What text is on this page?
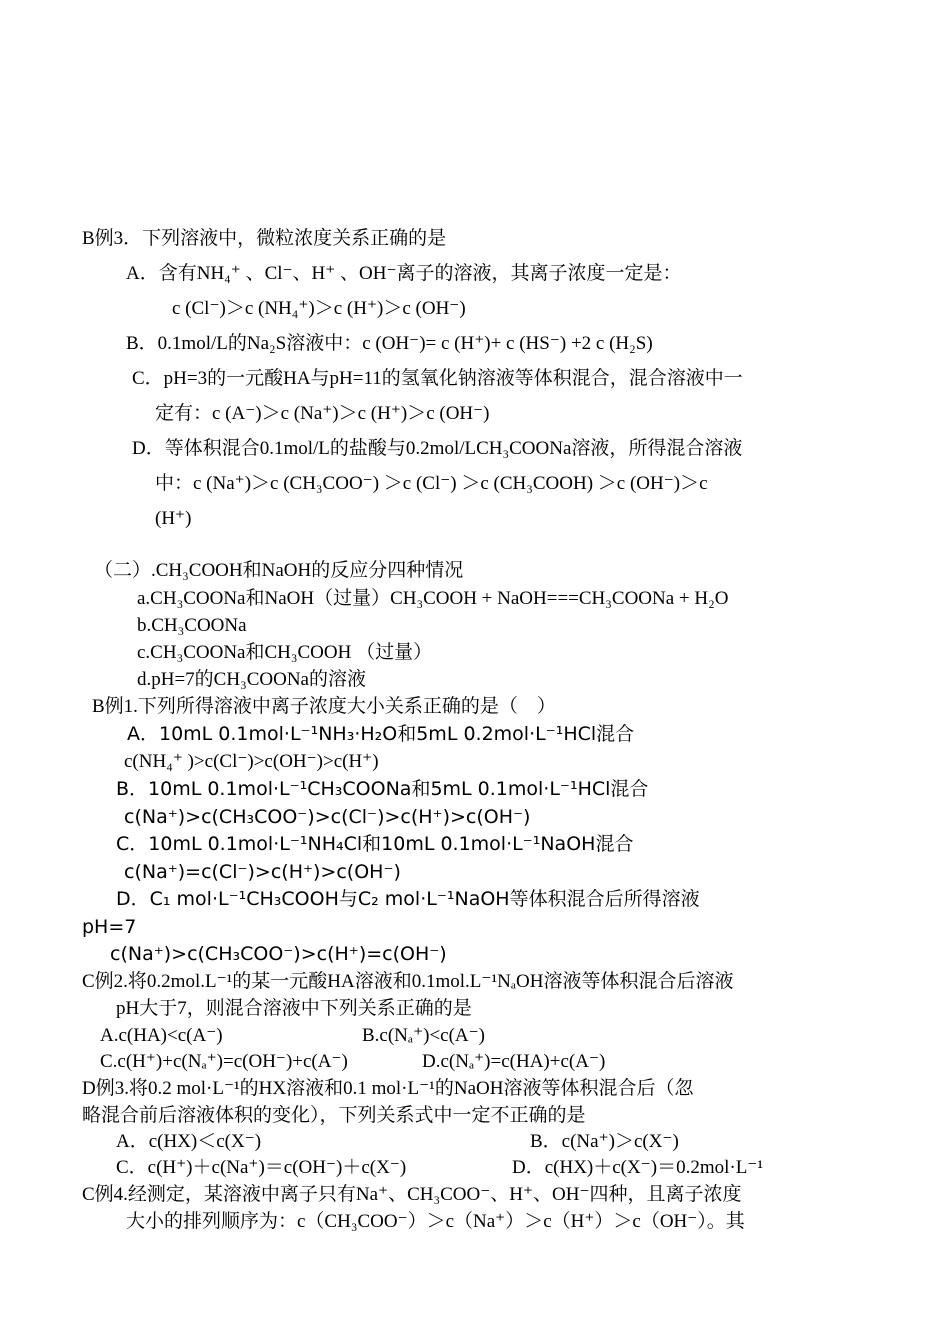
B例3．下列溶液中，微粒浓度关系正确的是
A．含有NH₄⁺ 、Cl⁻、H⁺ 、OH⁻离子的溶液，其离子浓度一定是：
c (Cl⁻)＞c (NH₄⁺)＞c (H⁺)＞c (OH⁻)
B．0.1mol/L的Na₂S溶液中：c (OH⁻)= c (H⁺)+ c (HS⁻) +2 c (H₂S)
C．pH=3的一元酸HA与pH=11的氢氧化钠溶液等体积混合，混合溶液中一
定有：c (A⁻)＞c (Na⁺)＞c (H⁺)＞c (OH⁻)
D．等体积混合0.1mol/L的盐酸与0.2mol/LCH₃COONa溶液，所得混合溶液
中：c (Na⁺)＞c (CH₃COO⁻) ＞c (Cl⁻) ＞c (CH₃COOH) ＞c (OH⁻)＞c
(H⁺)
（二）.CH₃COOH和NaOH的反应分四种情况
a.CH₃COONa和NaOH（过量）CH₃COOH + NaOH===CH₃COONa + H₂O
b.CH₃COONa
c.CH₃COONa和CH₃COOH （过量）
d.pH=7的CH₃COONa的溶液
B例1.下列所得溶液中离子浓度大小关系正确的是（　）
A．10mL 0.1mol·L⁻¹NH₃·H₂O和5mL 0.2mol·L⁻¹HCl混合
c(NH₄⁺ )>c(Cl⁻)>c(OH⁻)>c(H⁺)
B．10mL 0.1mol·L⁻¹CH₃COONa和5mL 0.1mol·L⁻¹HCl混合
c(Na⁺)>c(CH₃COO⁻)>c(Cl⁻)>c(H⁺)>c(OH⁻)
C．10mL 0.1mol·L⁻¹NH₄Cl和10mL 0.1mol·L⁻¹NaOH混合
c(Na⁺)=c(Cl⁻)>c(H⁺)>c(OH⁻)
D．C₁ mol·L⁻¹CH₃COOH与C₂ mol·L⁻¹NaOH等体积混合后所得溶液
pH=7
c(Na⁺)>c(CH₃COO⁻)>c(H⁺)=c(OH⁻)
C例2.将0.2mol.L⁻¹的某一元酸HA溶液和0.1mol.L⁻¹NₐOH溶液等体积混合后溶液
pH大于7，则混合溶液中下列关系正确的是
A.c(HA)<c(A⁻)	B.c(Nₐ⁺)<c(A⁻)
C.c(H⁺)+c(Nₐ⁺)=c(OH⁻)+c(A⁻)	D.c(Nₐ⁺)=c(HA)+c(A⁻)
D例3.将0.2 mol·L⁻¹的HX溶液和0.1 mol·L⁻¹的NaOH溶液等体积混合后（忽
略混合前后溶液体积的变化），下列关系式中一定不正确的是
A．c(HX)＜c(X⁻)	B．c(Na⁺)＞c(X⁻)
C．c(H⁺)＋c(Na⁺)＝c(OH⁻)＋c(X⁻)	D．c(HX)＋c(X⁻)＝0.2mol·L⁻¹
C例4.经测定，某溶液中离子只有Na⁺、CH₃COO⁻、H⁺、OH⁻四种，且离子浓度
大小的排列顺序为：c（CH₃COO⁻）＞c（Na⁺）＞c（H⁺）＞c（OH⁻）。其
